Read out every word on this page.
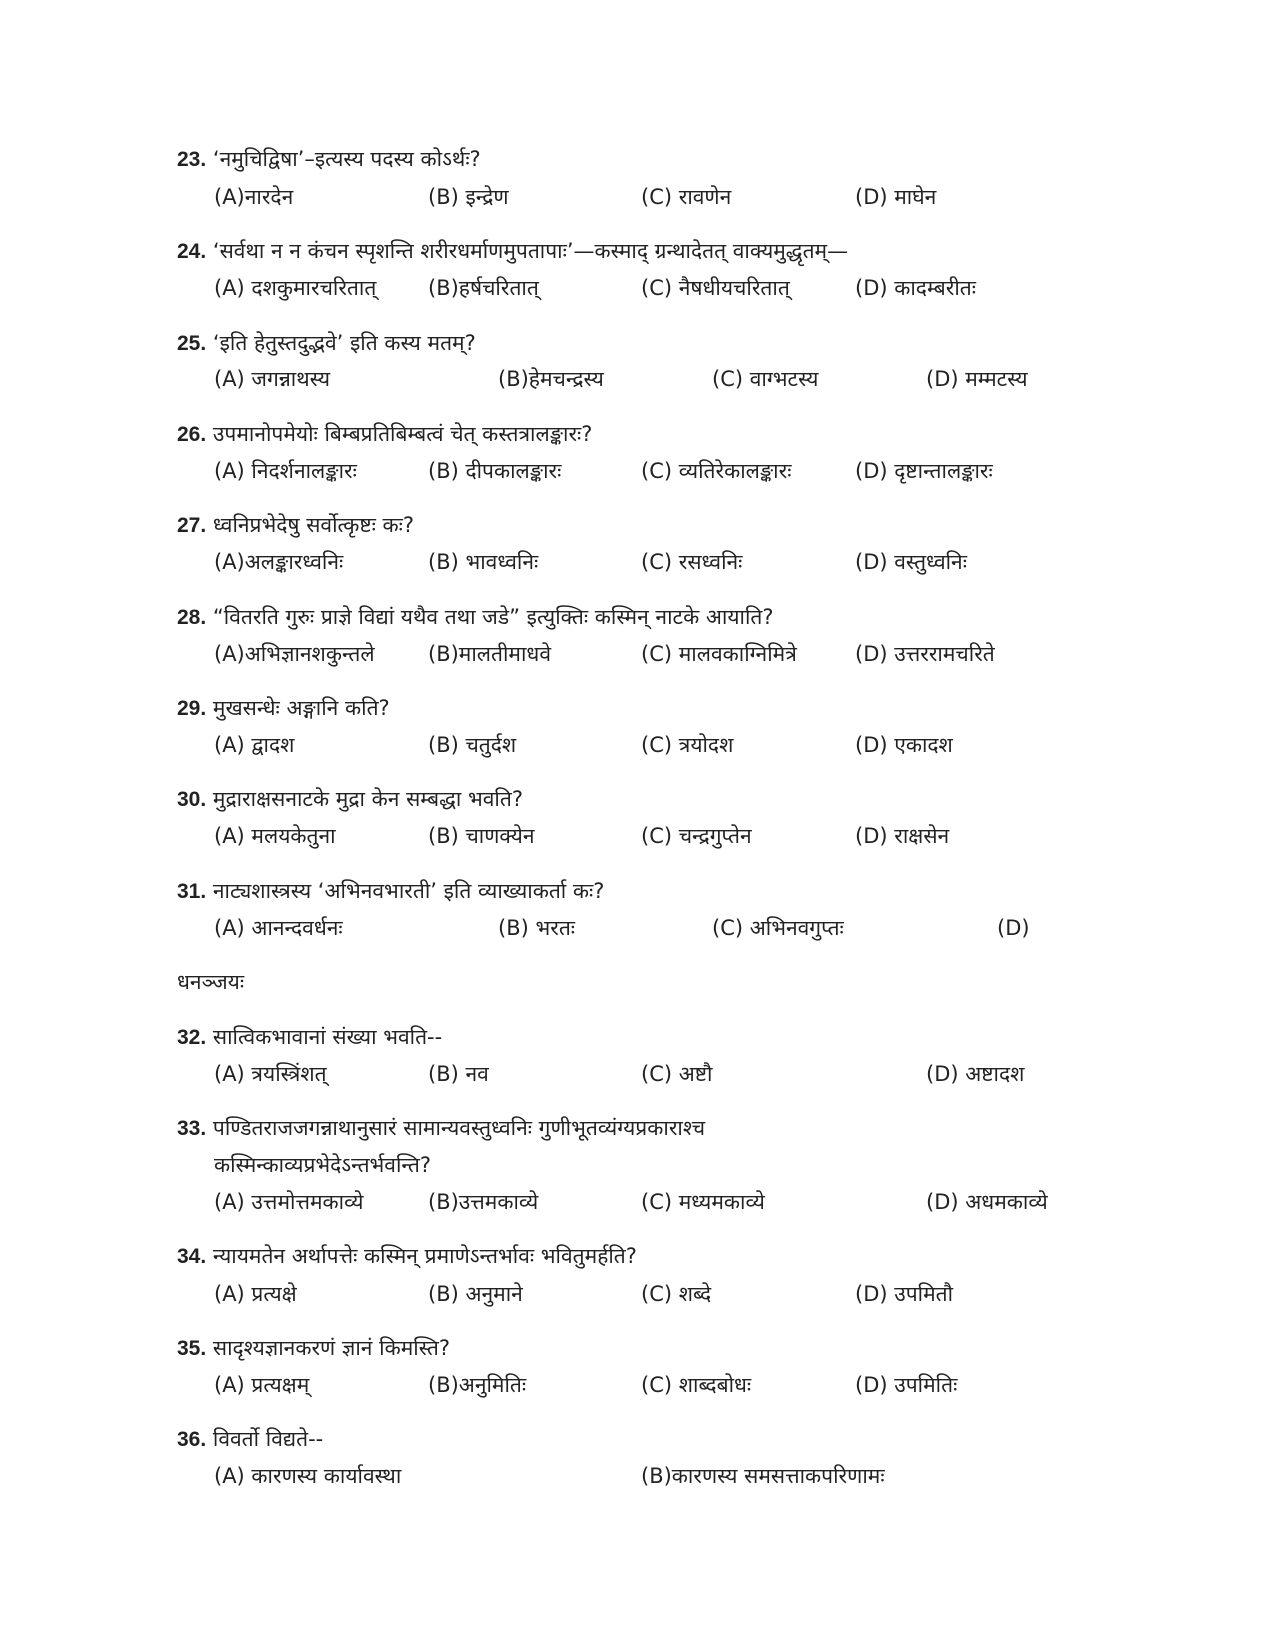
23. ‘नमुचिद्विषा’–इत्यस्य पदस्य कोऽर्थः?
(A)नारदेन	(B) इन्द्रेण	(C) रावणेन	(D) माघेन
24. ‘सर्वथा न न कंचन स्पृशन्ति शरीरधर्माणमुपतापाः’—कस्माद् ग्रन्थादेतत् वाक्यमुद्धृतम्—
(A) दशकुमारचरितात् (B)हर्षचरितात्	(C) नैषधीयचरितात्	(D) कादम्बरीतः
25. ‘इति हेतुस्तदुद्भवे’ इति कस्य मतम्?
(A) जगन्नाथस्य	(B)हेमचन्द्रस्य	(C) वाग्भटस्य	(D) मम्मटस्य
26. उपमानोपमेयोः बिम्बप्रतिबिम्बत्वं चेत् कस्तत्रालङ्कारः?
(A) निदर्शनालङ्कारः	(B) दीपकालङ्कारः	(C) व्यतिरेकालङ्कारः	(D) दृष्टान्तालङ्कारः
27. ध्वनिप्रभेदेषु सर्वोत्कृष्टः कः?
(A)अलङ्कारध्वनिः	(B) भावध्वनिः	(C) रसध्वनिः	(D) वस्तुध्वनिः
28. “वितरति गुरुः प्राज्ञे विद्यां यथैव तथा जडे” इत्युक्तिः कस्मिन् नाटके आयाति?
(A)अभिज्ञानशकुन्तले	(B)मालतीमाधवे	(C) मालवकाग्निमित्रे	(D) उत्तररामचरिते
29. मुखसन्धेः अङ्गानि कति?
(A) द्वादश	(B) चतुर्दश	(C) त्रयोदश	(D) एकादश
30. मुद्राराक्षसनाटके मुद्रा केन सम्बद्धा भवति?
(A) मलयकेतुना	(B) चाणक्येन	(C) चन्द्रगुप्तेन	(D) राक्षसेन
31. नाट्यशास्त्रस्य ‘अभिनवभारती’ इति व्याख्याकर्ता कः?
(A) आनन्दवर्धनः	(B) भरतः	(C) अभिनवगुप्तः	(D)
धनञ्जयः
32. सात्विकभावानां संख्या भवति--
(A) त्रयस्त्रिंशत्	(B) नव	(C) अष्टौ	(D) अष्टादश
33. पण्डितराजजगन्नाथानुसारं सामान्यवस्तुध्वनिः गुणीभूतव्यंग्यप्रकाराश्च
कस्मिन्काव्यप्रभेदेऽन्तर्भवन्ति?
(A) उत्तमोत्तमकाव्ये	(B)उत्तमकाव्ये	(C) मध्यमकाव्ये	(D) अधमकाव्ये
34. न्यायमतेन अर्थापत्तेः कस्मिन् प्रमाणेऽन्तर्भावः भवितुमर्हति?
(A) प्रत्यक्षे	(B) अनुमाने	(C) शब्दे	(D) उपमितौ
35. सादृश्यज्ञानकरणं ज्ञानं किमस्ति?
(A) प्रत्यक्षम्	(B)अनुमितिः	(C) शाब्दबोधः	(D) उपमितिः
36. विवर्तो विद्यते--
(A) कारणस्य कार्यावस्था	(B)कारणस्य समसत्ताकपरिणामः
